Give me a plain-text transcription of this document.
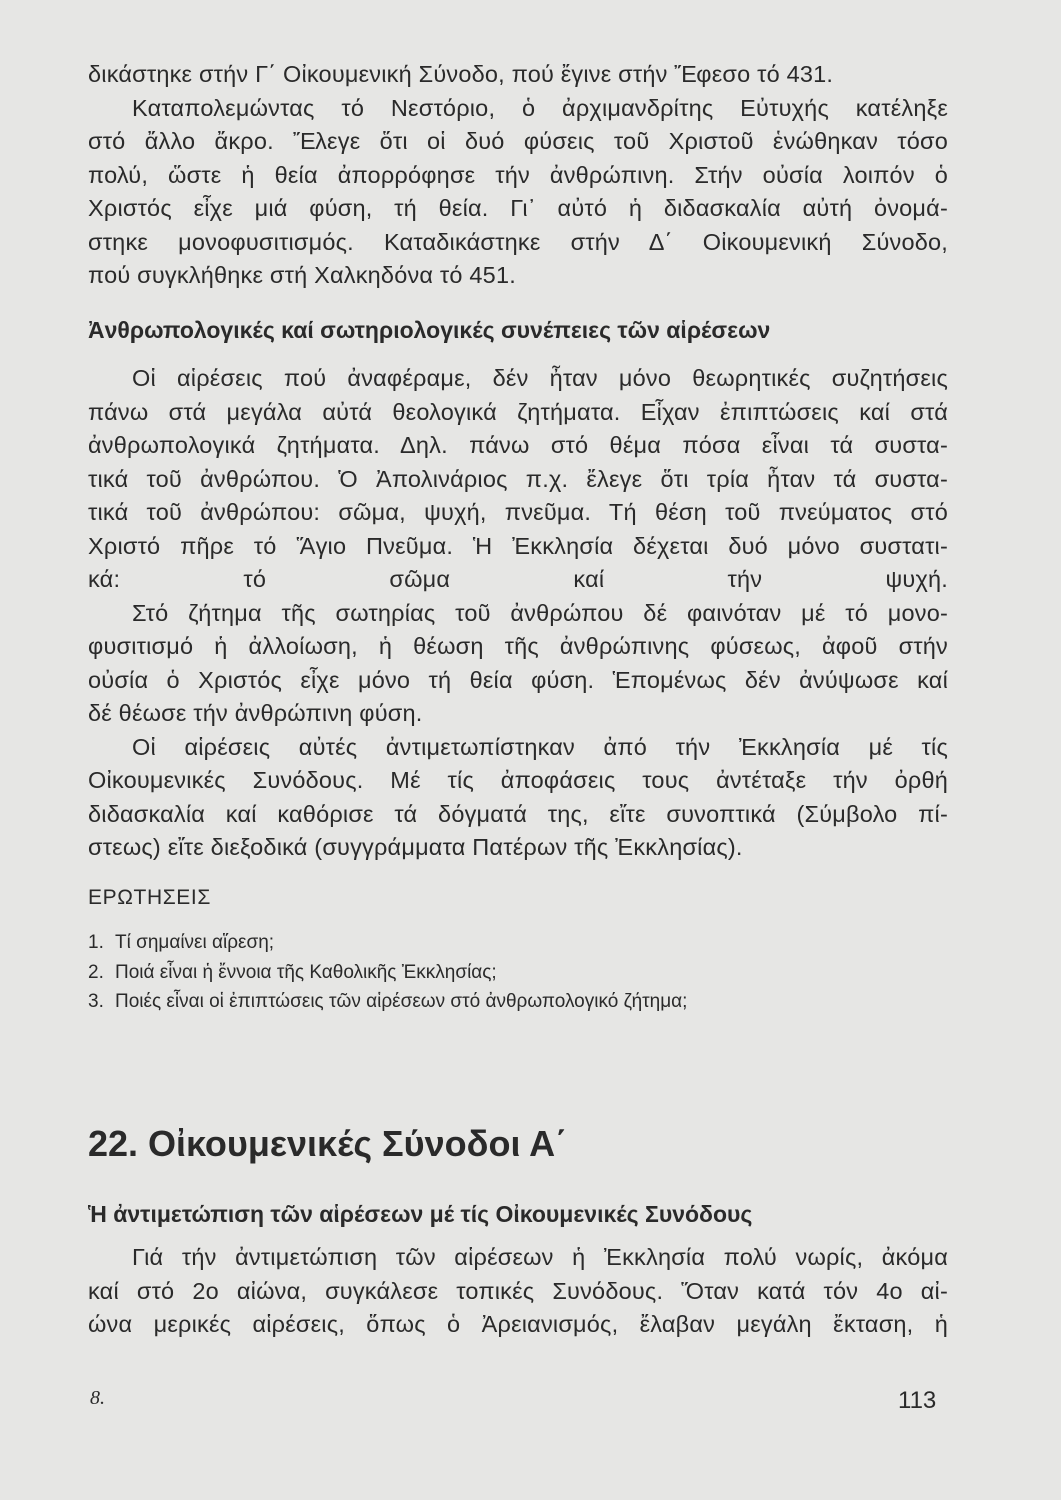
δικάστηκε στήν Γ΄ Οἰκουμενική Σύνοδο, πού ἔγινε στήν Ἔφεσο τό 431.
Καταπολεμώντας τό Νεστόριο, ὁ ἀρχιμανδρίτης Εὐτυχής κατέληξε
στό ἄλλο ἄκρο. Ἔλεγε ὅτι οἱ δυό φύσεις τοῦ Χριστοῦ ἑνώθηκαν τόσο
πολύ, ὥστε ἡ θεία ἀπορρόφησε τήν ἀνθρώπινη. Στήν οὐσία λοιπόν ὁ
Χριστός εἶχε μιά φύση, τή θεία. Γι᾽ αὐτό ἡ διδασκαλία αὐτή ὀνομά-
στηκε μονοφυσιτισμός. Καταδικάστηκε στήν Δ΄ Οἰκουμενική Σύνοδο,
πού συγκλήθηκε στή Χαλκηδόνα τό 451.
Ἀνθρωπολογικές καί σωτηριολογικές συνέπειες τῶν αἱρέσεων
Οἱ αἱρέσεις πού ἀναφέραμε, δέν ἦταν μόνο θεωρητικές συζητήσεις
πάνω στά μεγάλα αὐτά θεολογικά ζητήματα. Εἶχαν ἐπιπτώσεις καί στά
ἀνθρωπολογικά ζητήματα. Δηλ. πάνω στό θέμα πόσα εἶναι τά συστα-
τικά τοῦ ἀνθρώπου. Ὁ Ἀπολινάριος π.χ. ἔλεγε ὅτι τρία ἦταν τά συστα-
τικά τοῦ ἀνθρώπου: σῶμα, ψυχή, πνεῦμα. Τή θέση τοῦ πνεύματος στό
Χριστό πῆρε τό Ἅγιο Πνεῦμα. Ἡ Ἐκκλησία δέχεται δυό μόνο συστατι-
κά: τό σῶμα καί τήν ψυχή.
Στό ζήτημα τῆς σωτηρίας τοῦ ἀνθρώπου δέ φαινόταν μέ τό μονο-
φυσιτισμό ἡ ἀλλοίωση, ἡ θέωση τῆς ἀνθρώπινης φύσεως, ἀφοῦ στήν
οὐσία ὁ Χριστός εἶχε μόνο τή θεία φύση. Ἑπομένως δέν ἀνύψωσε καί
δέ θέωσε τήν ἀνθρώπινη φύση.
Οἱ αἱρέσεις αὐτές ἀντιμετωπίστηκαν ἀπό τήν Ἐκκλησία μέ τίς
Οἰκουμενικές Συνόδους. Μέ τίς ἀποφάσεις τους ἀντέταξε τήν ὀρθή
διδασκαλία καί καθόρισε τά δόγματά της, εἴτε συνοπτικά (Σύμβολο πί-
στεως) εἴτε διεξοδικά (συγγράμματα Πατέρων τῆς Ἐκκλησίας).
ΕΡΩΤΗΣΕΙΣ
1. Τί σημαίνει αἵρεση;
2. Ποιά εἶναι ἡ ἔννοια τῆς Καθολικῆς Ἐκκλησίας;
3. Ποιές εἶναι οἱ ἐπιπτώσεις τῶν αἱρέσεων στό ἀνθρωπολογικό ζήτημα;
22. Οἰκουμενικές Σύνοδοι Α΄
Ἡ ἀντιμετώπιση τῶν αἱρέσεων μέ τίς Οἰκουμενικές Συνόδους
Γιά τήν ἀντιμετώπιση τῶν αἱρέσεων ἡ Ἐκκλησία πολύ νωρίς, ἀκόμα
καί στό 2ο αἰώνα, συγκάλεσε τοπικές Συνόδους. Ὅταν κατά τόν 4ο αἰ-
ώνα μερικές αἱρέσεις, ὅπως ὁ Ἀρειανισμός, ἔλαβαν μεγάλη ἔκταση, ἡ
8.	113
